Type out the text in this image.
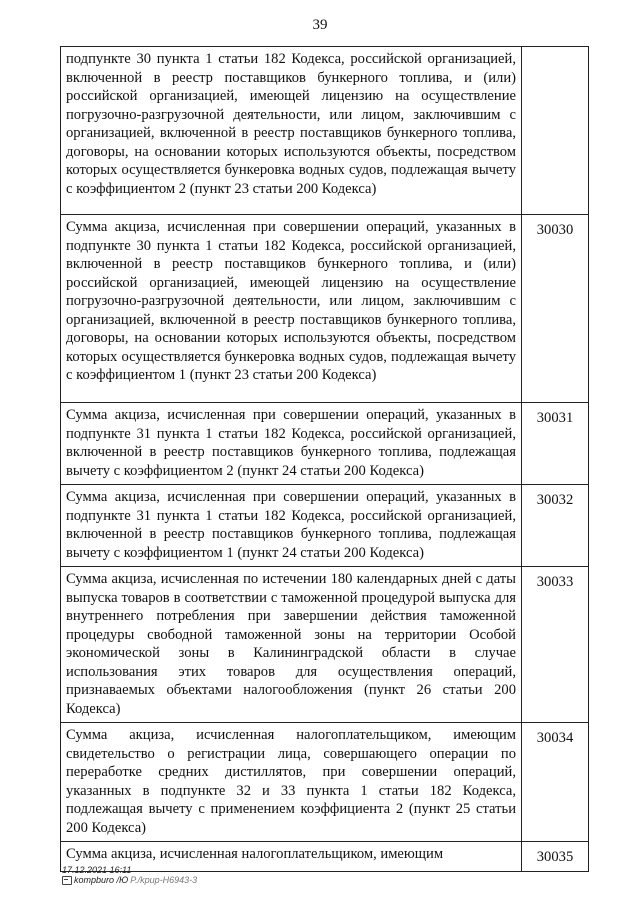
39
подпункте 30 пункта 1 статьи 182 Кодекса, российской организацией, включенной в реестр поставщиков бункерного топлива, и (или) российской организацией, имеющей лицензию на осуществление погрузочно-разгрузочной деятельности, или лицом, заключившим с организацией, включенной в реестр поставщиков бункерного топлива, договоры, на основании которых используются объекты, посредством которых осуществляется бункеровка водных судов, подлежащая вычету с коэффициентом 2 (пункт 23 статьи 200 Кодекса)	
Сумма акциза, исчисленная при совершении операций, указанных в подпункте 30 пункта 1 статьи 182 Кодекса, российской организацией, включенной в реестр поставщиков бункерного топлива, и (или) российской организацией, имеющей лицензию на осуществление погрузочно-разгрузочной деятельности, или лицом, заключившим с организацией, включенной в реестр поставщиков бункерного топлива, договоры, на основании которых используются объекты, посредством которых осуществляется бункеровка водных судов, подлежащая вычету с коэффициентом 1 (пункт 23 статьи 200 Кодекса)	30030
Сумма акциза, исчисленная при совершении операций, указанных в подпункте 31 пункта 1 статьи 182 Кодекса, российской организацией, включенной в реестр поставщиков бункерного топлива, подлежащая вычету с коэффициентом 2 (пункт 24 статьи 200 Кодекса)	30031
Сумма акциза, исчисленная при совершении операций, указанных в подпункте 31 пункта 1 статьи 182 Кодекса, российской организацией, включенной в реестр поставщиков бункерного топлива, подлежащая вычету с коэффициентом 1 (пункт 24 статьи 200 Кодекса)	30032
Сумма акциза, исчисленная по истечении 180 календарных дней с даты выпуска товаров в соответствии с таможенной процедурой выпуска для внутреннего потребления при завершении действия таможенной процедуры свободной таможенной зоны на территории Особой экономической зоны в Калининградской области в случае использования этих товаров для осуществления операций, признаваемых объектами налогообложения (пункт 26 статьи 200 Кодекса)	30033
Сумма акциза, исчисленная налогоплательщиком, имеющим свидетельство о регистрации лица, совершающего операции по переработке средних дистиллятов, при совершении операций, указанных в подпункте 32 и 33 пункта 1 статьи 182 Кодекса, подлежащая вычету с применением коэффициента 2 (пункт 25 статьи 200 Кодекса)	30034
Сумма акциза, исчисленная налогоплательщиком, имеющим	30035
17.12.2021 16:11
kompburo /Ю P./kpup-H6943-3
